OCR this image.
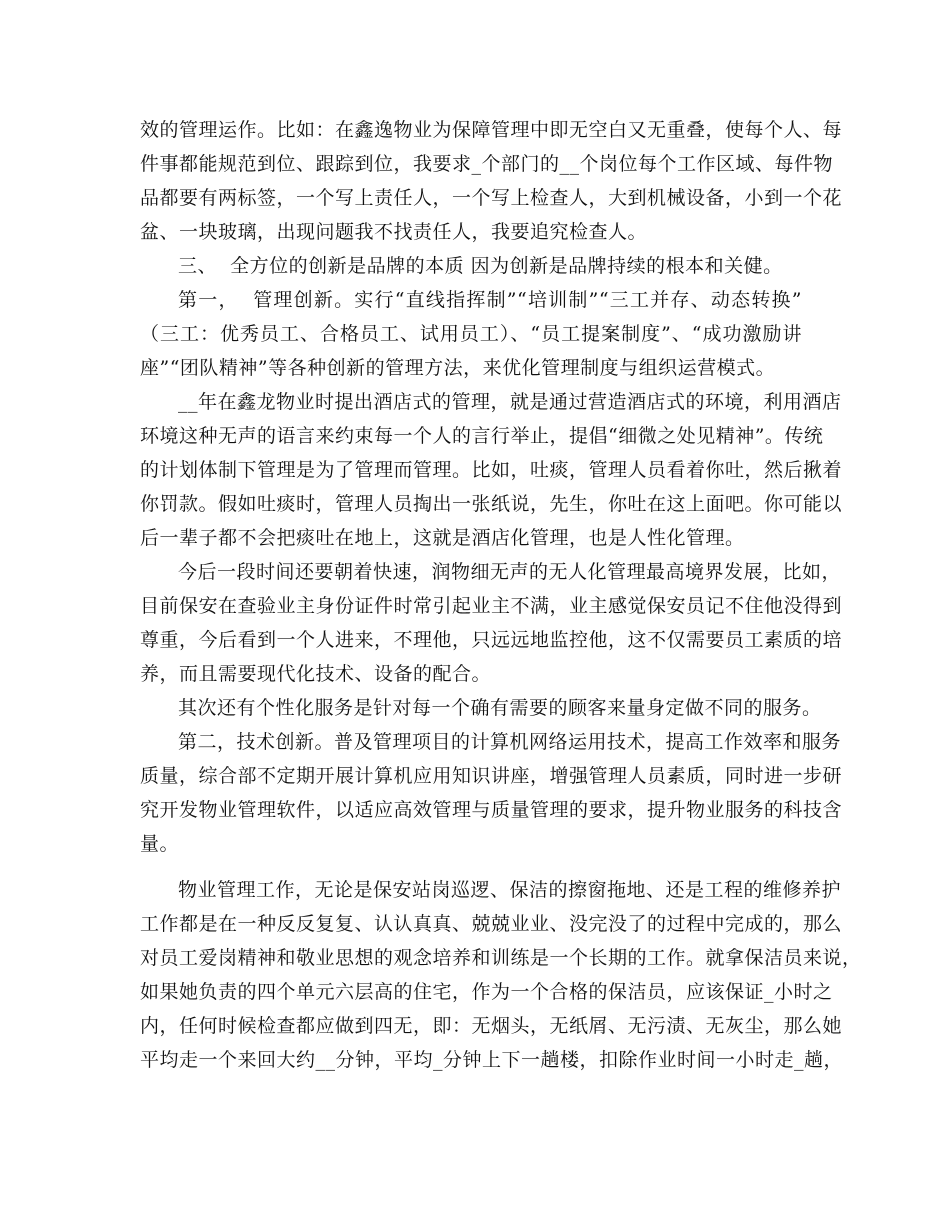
效的管理运作。比如：在鑫逸物业为保障管理中即无空白又无重叠，使每个人、每
件事都能规范到位、跟踪到位，我要求_个部门的__个岗位每个工作区域、每件物
品都要有两标签，一个写上责任人，一个写上检查人，大到机械设备，小到一个花
盆、一块玻璃，出现问题我不找责任人，我要追究检查人。
三、  全方位的创新是品牌的本质 因为创新是品牌持续的根本和关健。
第一，  管理创新。实行“直线指挥制”“培训制”“三工并存、动态转换”
（三工：优秀员工、合格员工、试用员工）、“员工提案制度”、“成功激励讲
座”“团队精神”等各种创新的管理方法，来优化管理制度与组织运营模式。
__年在鑫龙物业时提出酒店式的管理，就是通过营造酒店式的环境，利用酒店
环境这种无声的语言来约束每一个人的言行举止，提倡“细微之处见精神”。传统
的计划体制下管理是为了管理而管理。比如，吐痰，管理人员看着你吐，然后揪着
你罚款。假如吐痰时，管理人员掏出一张纸说，先生，你吐在这上面吧。你可能以
后一辈子都不会把痰吐在地上，这就是酒店化管理，也是人性化管理。
今后一段时间还要朝着快速，润物细无声的无人化管理最高境界发展，比如，
目前保安在查验业主身份证件时常引起业主不满，业主感觉保安员记不住他没得到
尊重，今后看到一个人进来，不理他，只远远地监控他，这不仅需要员工素质的培
养，而且需要现代化技术、设备的配合。
其次还有个性化服务是针对每一个确有需要的顾客来量身定做不同的服务。
第二，技术创新。普及管理项目的计算机网络运用技术，提高工作效率和服务
质量，综合部不定期开展计算机应用知识讲座，增强管理人员素质，同时进一步研
究开发物业管理软件，以适应高效管理与质量管理的要求，提升物业服务的科技含
量。
物业管理工作，无论是保安站岗巡逻、保洁的擦窗拖地、还是工程的维修养护
工作都是在一种反反复复、认认真真、兢兢业业、没完没了的过程中完成的，那么
对员工爱岗精神和敬业思想的观念培养和训练是一个长期的工作。就拿保洁员来说，
如果她负责的四个单元六层高的住宅，作为一个合格的保洁员，应该保证_小时之
内，任何时候检查都应做到四无，即：无烟头，无纸屑、无污渍、无灰尘，那么她
平均走一个来回大约__分钟，平均_分钟上下一趟楼，扣除作业时间一小时走_趟，
